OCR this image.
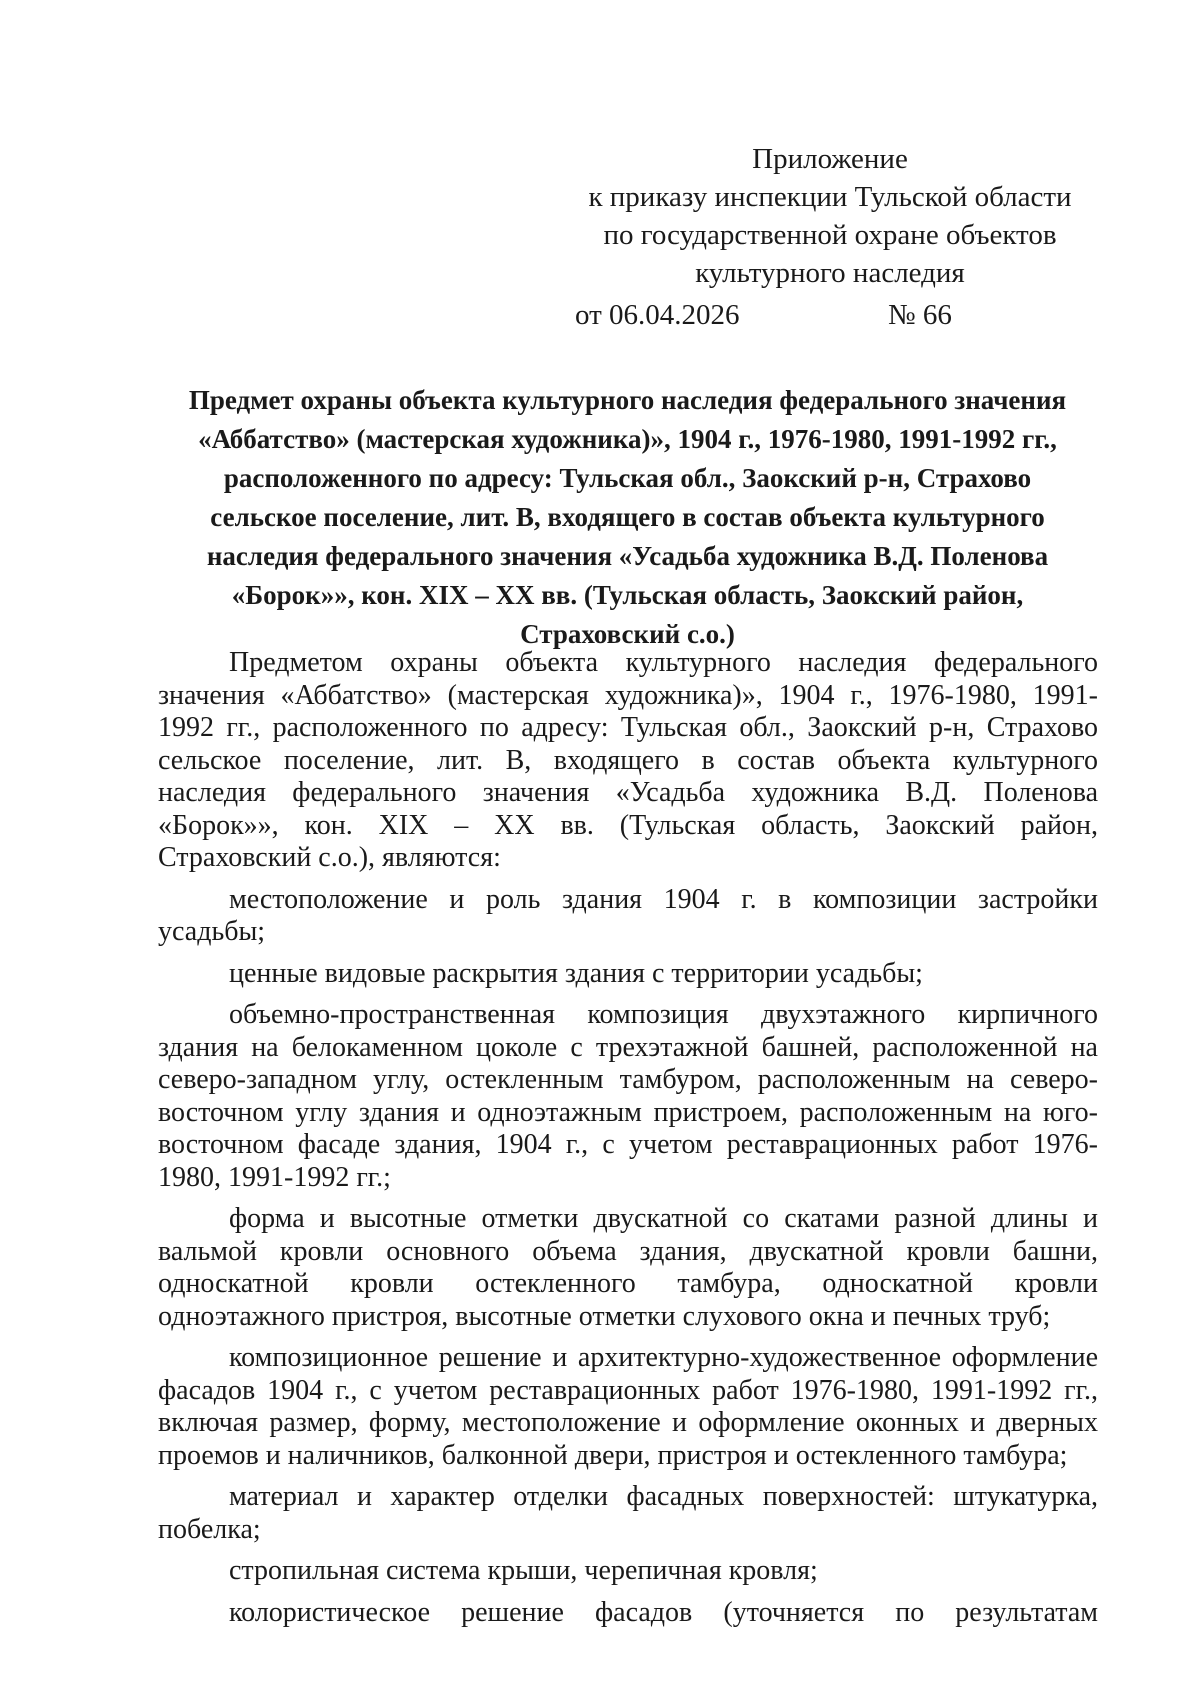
Приложение
к приказу инспекции Тульской области
по государственной охране объектов
культурного наследия
от 06.04.2026	№ 66
Предмет охраны объекта культурного наследия федерального значения
«Аббатство» (мастерская художника)», 1904 г., 1976-1980, 1991-1992 гг.,
расположенного по адресу: Тульская обл., Заокский р-н, Страхово
сельское поселение, лит. В, входящего в состав объекта культурного
наследия федерального значения «Усадьба художника В.Д. Поленова
«Борок»», кон. XIX – XX вв. (Тульская область, Заокский район,
Страховский с.о.)

Предметом охраны объекта культурного наследия федерального
значения «Аббатство» (мастерская художника)», 1904 г., 1976-1980, 1991-
1992 гг., расположенного по адресу: Тульская обл., Заокский р-н, Страхово
сельское поселение, лит. В, входящего в состав объекта культурного
наследия федерального значения «Усадьба художника В.Д. Поленова
«Борок»», кон. XIX – XX вв. (Тульская область, Заокский район,
Страховский с.о.), являются:

местоположение и роль здания 1904 г. в композиции застройки
усадьбы;

ценные видовые раскрытия здания с территории усадьбы;

объемно-пространственная композиция двухэтажного кирпичного
здания на белокаменном цоколе с трехэтажной башней, расположенной на
северо-западном углу, остекленным тамбуром, расположенным на северо-
восточном углу здания и одноэтажным пристроем, расположенным на юго-
восточном фасаде здания, 1904 г., с учетом реставрационных работ 1976-
1980, 1991-1992 гг.;

форма и высотные отметки двускатной со скатами разной длины и
вальмой кровли основного объема здания, двускатной кровли башни,
односкатной кровли остекленного тамбура, односкатной кровли
одноэтажного пристроя, высотные отметки слухового окна и печных труб;

композиционное решение и архитектурно-художественное оформление
фасадов 1904 г., с учетом реставрационных работ 1976-1980, 1991-1992 гг.,
включая размер, форму, местоположение и оформление оконных и дверных
проемов и наличников, балконной двери, пристроя и остекленного тамбура;

материал и характер отделки фасадных поверхностей: штукатурка,
побелка;

стропильная система крыши, черепичная кровля;

колористическое решение фасадов (уточняется по результатам
